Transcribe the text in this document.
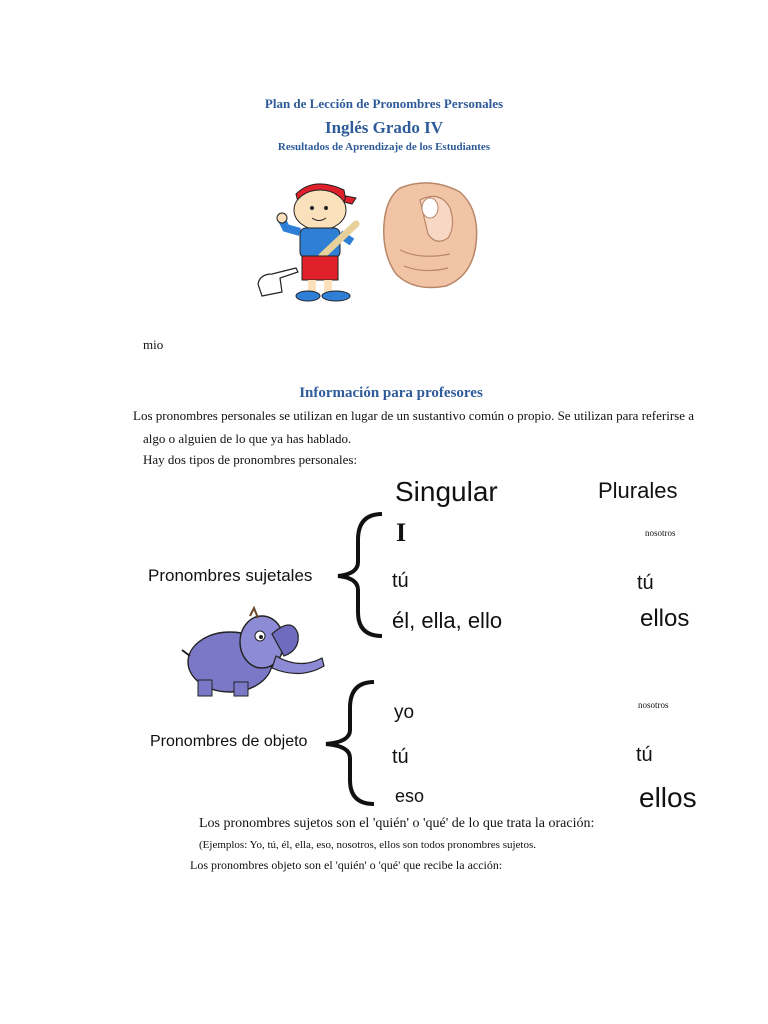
Plan de Lección de Pronombres Personales
Inglés Grado IV
Resultados de Aprendizaje de los Estudiantes
mio
Información para profesores
Los pronombres personales se utilizan en lugar de un sustantivo común o propio. Se utilizan para referirse a
algo o alguien de lo que ya has hablado.
Hay dos tipos de pronombres personales:
Singular	Plurales
Pronombres sujetales
I	nosotros
tú	tú
él, ella, ello	ellos
Pronombres de objeto
yo	nosotros
tú	tú
eso	ellos
Los pronombres sujetos son el 'quién' o 'qué' de lo que trata la oración:
(Ejemplos: Yo, tú, él, ella, eso, nosotros, ellos son todos pronombres sujetos.
Los pronombres objeto son el 'quién' o 'qué' que recibe la acción:
